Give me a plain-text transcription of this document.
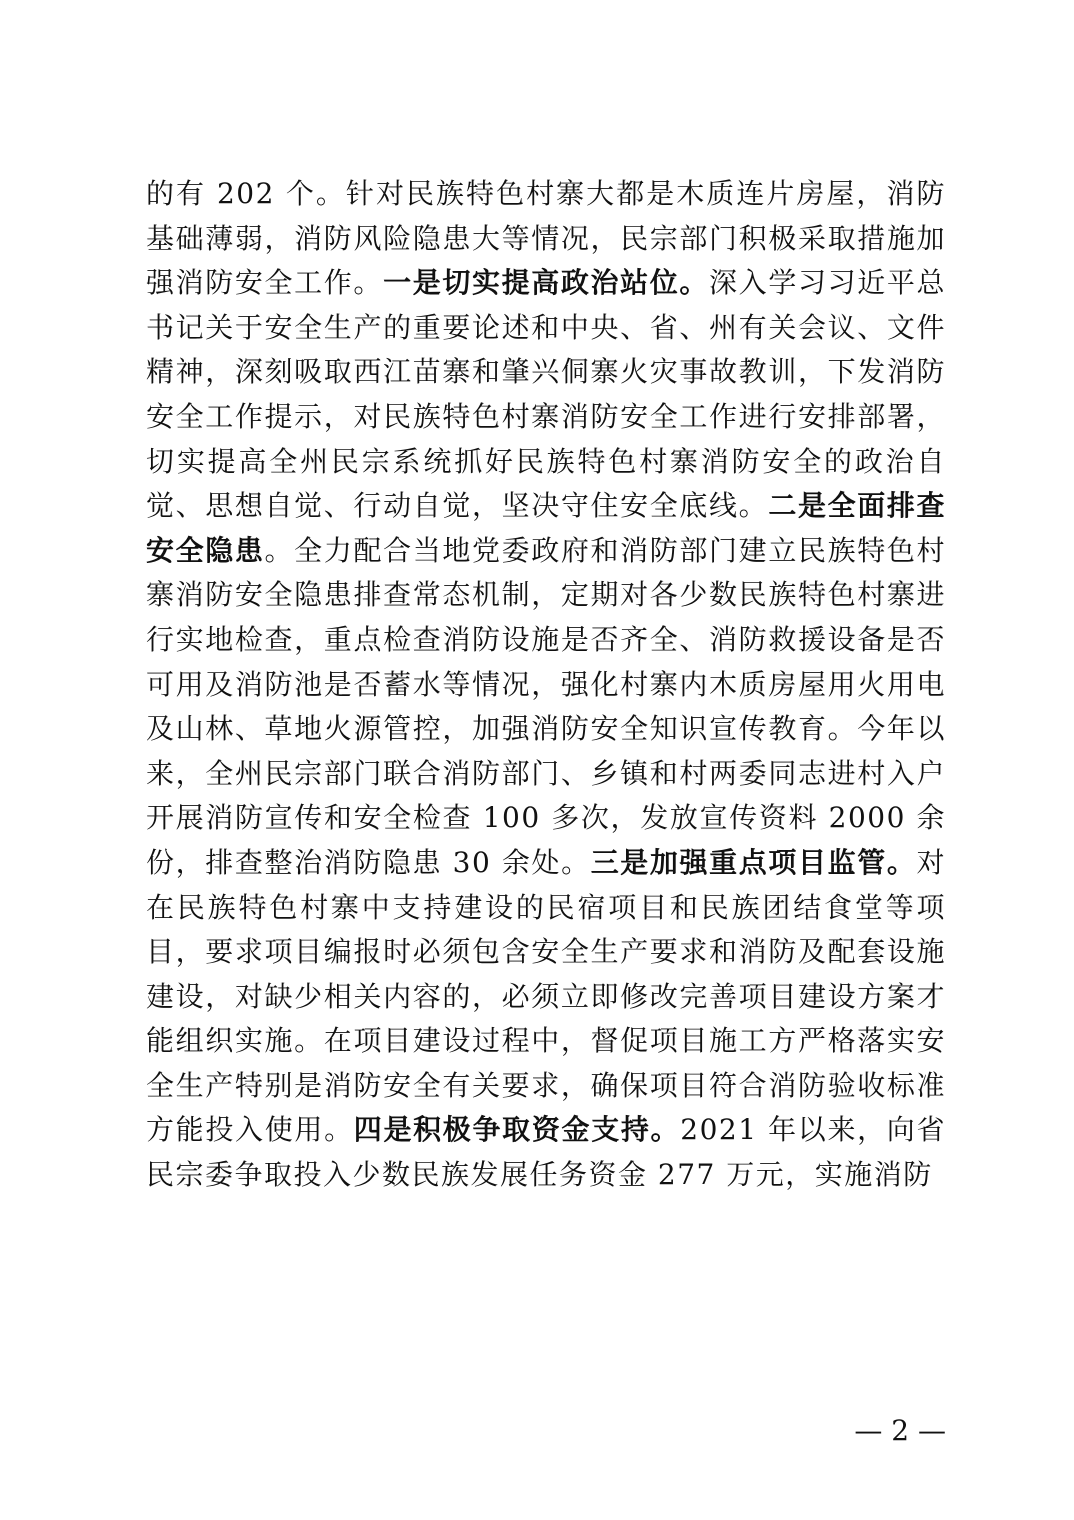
的有 202 个。针对民族特色村寨大都是木质连片房屋，消防基础薄弱，消防风险隐患大等情况，民宗部门积极采取措施加强消防安全工作。一是切实提高政治站位。深入学习习近平总书记关于安全生产的重要论述和中央、省、州有关会议、文件精神，深刻吸取西江苗寨和肇兴侗寨火灾事故教训，下发消防安全工作提示，对民族特色村寨消防安全工作进行安排部署，切实提高全州民宗系统抓好民族特色村寨消防安全的政治自觉、思想自觉、行动自觉，坚决守住安全底线。二是全面排查安全隐患。全力配合当地党委政府和消防部门建立民族特色村寨消防安全隐患排查常态机制，定期对各少数民族特色村寨进行实地检查，重点检查消防设施是否齐全、消防救援设备是否可用及消防池是否蓄水等情况，强化村寨内木质房屋用火用电及山林、草地火源管控，加强消防安全知识宣传教育。今年以来，全州民宗部门联合消防部门、乡镇和村两委同志进村入户开展消防宣传和安全检查 100 多次，发放宣传资料 2000 余份，排查整治消防隐患 30 余处。三是加强重点项目监管。对在民族特色村寨中支持建设的民宿项目和民族团结食堂等项目，要求项目编报时必须包含安全生产要求和消防及配套设施建设，对缺少相关内容的，必须立即修改完善项目建设方案才能组织实施。在项目建设过程中，督促项目施工方严格落实安全生产特别是消防安全有关要求，确保项目符合消防验收标准方能投入使用。四是积极争取资金支持。2021 年以来，向省民宗委争取投入少数民族发展任务资金 277 万元，实施消防

— 2 —
